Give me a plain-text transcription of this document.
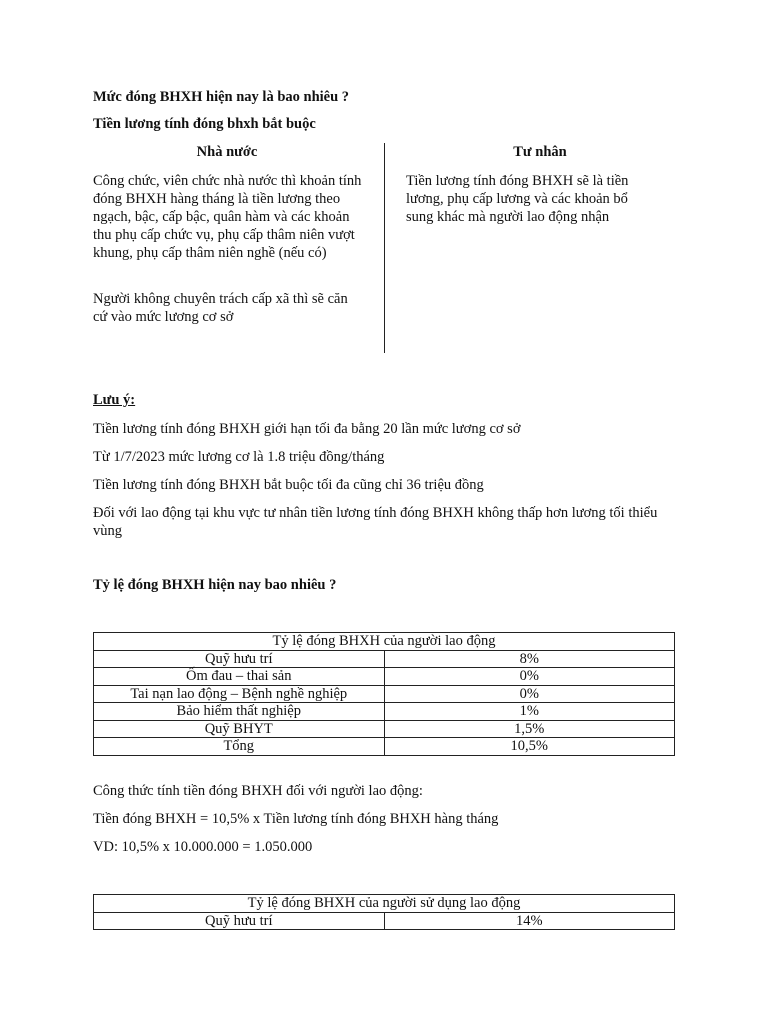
Mức đóng BHXH hiện nay là bao nhiêu ?
Tiền lương tính đóng bhxh bắt buộc
Nhà nước	Tư nhân
Công chức, viên chức nhà nước thì khoản tính đóng BHXH hàng tháng là tiền lương theo ngạch, bậc, cấp bậc, quân hàm và các khoản thu phụ cấp chức vụ, phụ cấp thâm niên vượt khung, phụ cấp thâm niên nghề (nếu có)
Người không chuyên trách cấp xã thì sẽ căn cứ vào mức lương cơ sở
Tiền lương tính đóng BHXH sẽ là tiền lương, phụ cấp lương và các khoản bổ sung khác mà người lao động nhận
Lưu ý:
Tiền lương tính đóng BHXH giới hạn tối đa bằng 20 lần mức lương cơ sở
Từ 1/7/2023 mức lương cơ là 1.8 triệu đồng/tháng
Tiền lương tính đóng BHXH bắt buộc tối đa cũng chỉ 36 triệu đồng
Đối với lao động tại khu vực tư nhân tiền lương tính đóng BHXH không thấp hơn lương tối thiểu vùng
Tỷ lệ đóng BHXH hiện nay bao nhiêu ?
Tỷ lệ đóng BHXH của người lao động	
Quỹ hưu trí	8%
Ốm đau – thai sản	0%
Tai nạn lao động – Bệnh nghề nghiệp	0%
Bảo hiểm thất nghiệp	1%
Quỹ BHYT	1,5%
Tổng	10,5%
Công thức tính tiền đóng BHXH đối với người lao động:
Tiền đóng BHXH = 10,5% x Tiền lương tính đóng BHXH hàng tháng
VD: 10,5% x 10.000.000 = 1.050.000
Tỷ lệ đóng BHXH của người sử dụng lao động
Quỹ hưu trí	14%
